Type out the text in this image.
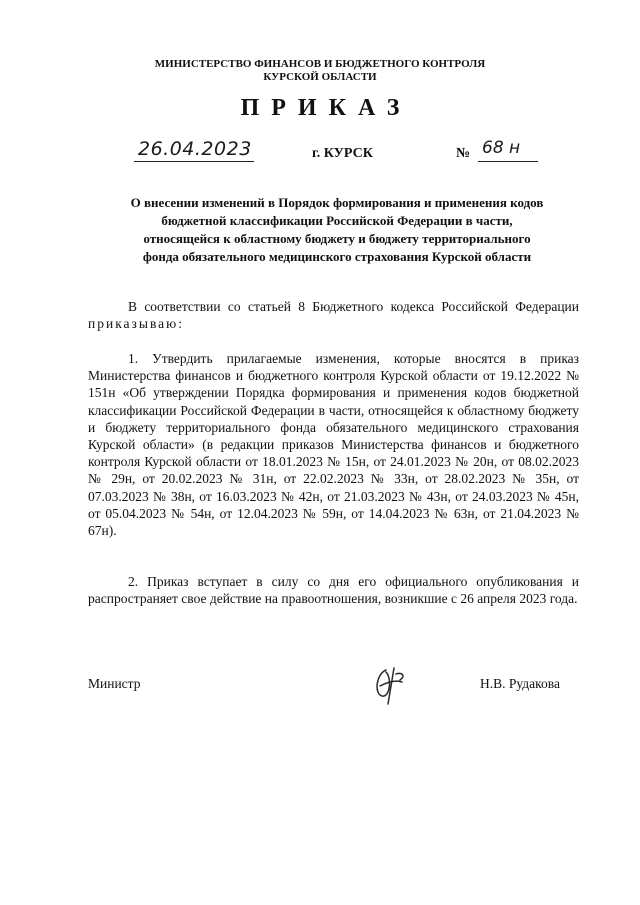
МИНИСТЕРСТВО ФИНАНСОВ И БЮДЖЕТНОГО КОНТРОЛЯ
КУРСКОЙ ОБЛАСТИ
ПРИКАЗ
26.04.2023	г. КУРСК	№ 68 н
О внесении изменений в Порядок формирования и применения кодов
бюджетной классификации Российской Федерации в части,
относящейся к областному бюджету и бюджету территориального
фонда обязательного медицинского страхования Курской области
В соответствии со статьей 8 Бюджетного кодекса Российской Федерации приказываю:
1. Утвердить прилагаемые изменения, которые вносятся в приказ Министерства финансов и бюджетного контроля Курской области от 19.12.2022 № 151н «Об утверждении Порядка формирования и применения кодов бюджетной классификации Российской Федерации в части, относящейся к областному бюджету и бюджету территориального фонда обязательного медицинского страхования Курской области» (в редакции приказов Министерства финансов и бюджетного контроля Курской области от 18.01.2023 № 15н, от 24.01.2023 № 20н, от 08.02.2023 № 29н, от 20.02.2023 № 31н, от 22.02.2023 № 33н, от 28.02.2023 № 35н, от 07.03.2023 № 38н, от 16.03.2023 № 42н, от 21.03.2023 № 43н, от 24.03.2023 № 45н, от 05.04.2023 № 54н, от 12.04.2023 № 59н, от 14.04.2023 № 63н, от 21.04.2023 № 67н).
2. Приказ вступает в силу со дня его официального опубликования и распространяет свое действие на правоотношения, возникшие с 26 апреля 2023 года.
Министр	Н.В. Рудакова
